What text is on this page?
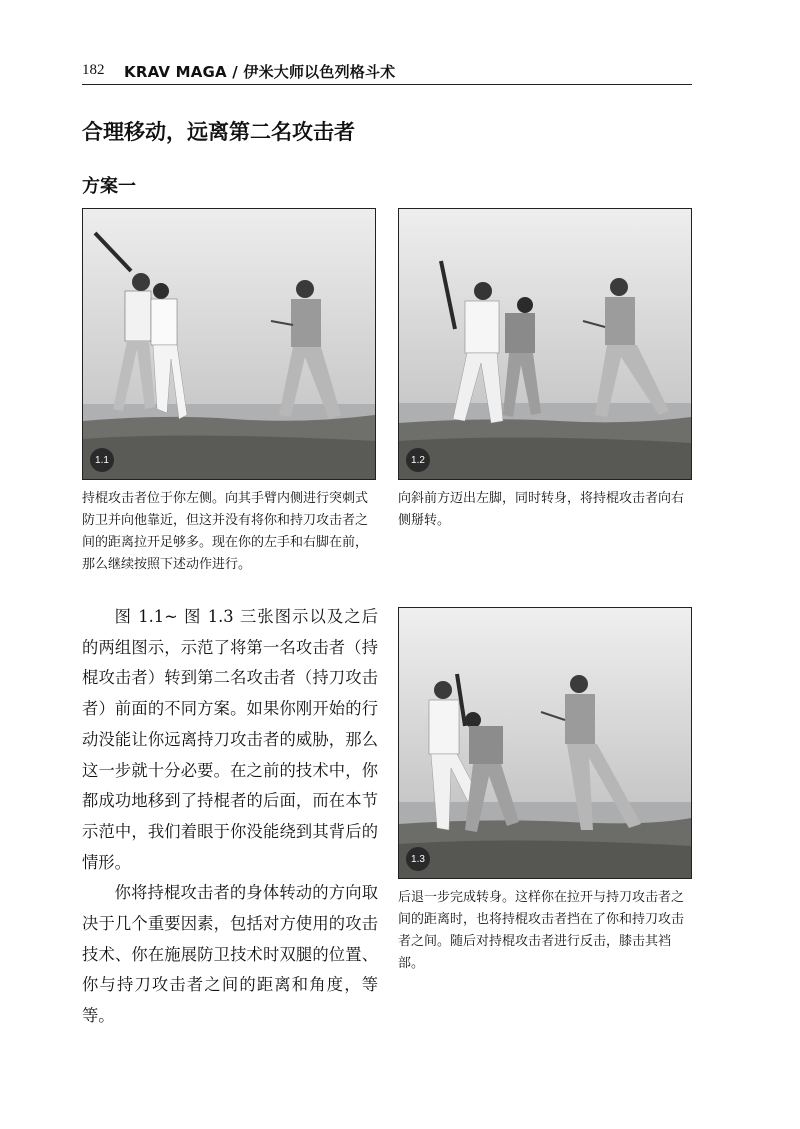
182 KRAV MAGA / 伊米大师以色列格斗术
合理移动，远离第二名攻击者
方案一
1.1
持棍攻击者位于你左侧。向其手臂内侧进行突刺式防卫并向他靠近，但这并没有将你和持刀攻击者之间的距离拉开足够多。现在你的左手和右脚在前，那么继续按照下述动作进行。
1.2
向斜前方迈出左脚，同时转身，将持棍攻击者向右侧掰转。

图 1.1~ 图 1.3 三张图示以及之后的两组图示，示范了将第一名攻击者（持棍攻击者）转到第二名攻击者（持刀攻击者）前面的不同方案。如果你刚开始的行动没能让你远离持刀攻击者的威胁，那么这一步就十分必要。在之前的技术中，你都成功地移到了持棍者的后面，而在本节示范中，我们着眼于你没能绕到其背后的情形。

你将持棍攻击者的身体转动的方向取决于几个重要因素，包括对方使用的攻击技术、你在施展防卫技术时双腿的位置、你与持刀攻击者之间的距离和角度，等等。

1.3
后退一步完成转身。这样你在拉开与持刀攻击者之间的距离时，也将持棍攻击者挡在了你和持刀攻击者之间。随后对持棍攻击者进行反击，膝击其裆部。
